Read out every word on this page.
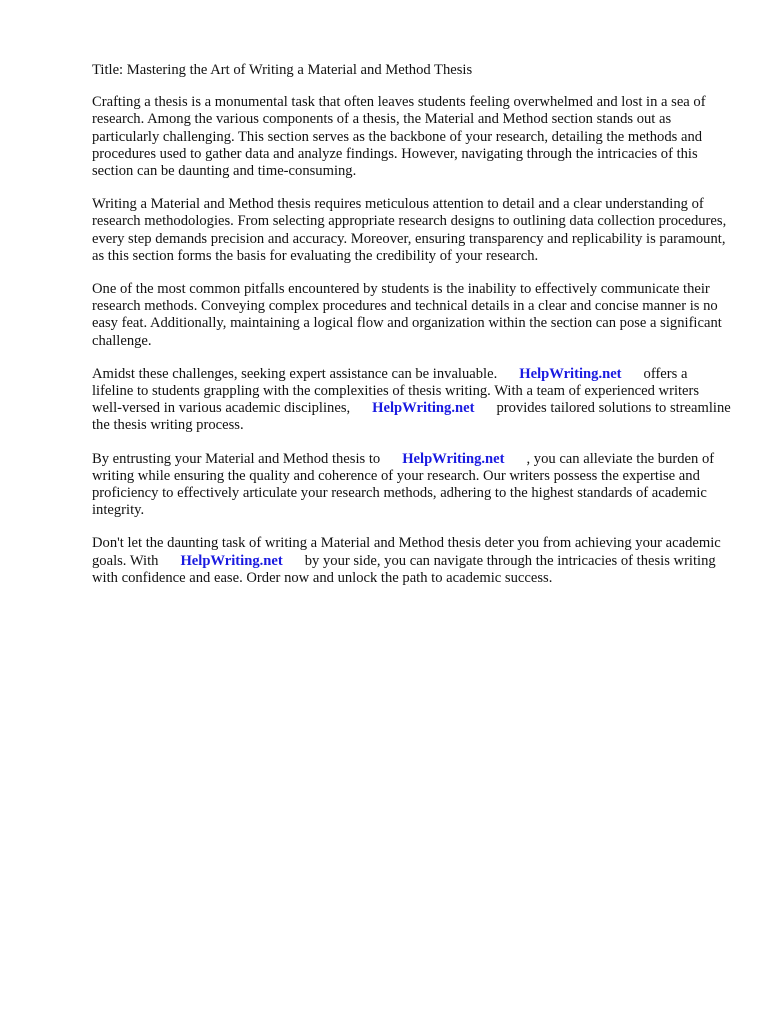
Title: Mastering the Art of Writing a Material and Method Thesis

Crafting a thesis is a monumental task that often leaves students feeling overwhelmed and lost in a sea of research. Among the various components of a thesis, the Material and Method section stands out as particularly challenging. This section serves as the backbone of your research, detailing the methods and procedures used to gather data and analyze findings. However, navigating through the intricacies of this section can be daunting and time-consuming.

Writing a Material and Method thesis requires meticulous attention to detail and a clear understanding of research methodologies. From selecting appropriate research designs to outlining data collection procedures, every step demands precision and accuracy. Moreover, ensuring transparency and replicability is paramount, as this section forms the basis for evaluating the credibility of your research.

One of the most common pitfalls encountered by students is the inability to effectively communicate their research methods. Conveying complex procedures and technical details in a clear and concise manner is no easy feat. Additionally, maintaining a logical flow and organization within the section can pose a significant challenge.

Amidst these challenges, seeking expert assistance can be invaluable. HelpWriting.net offers a lifeline to students grappling with the complexities of thesis writing. With a team of experienced writers well-versed in various academic disciplines, HelpWriting.net provides tailored solutions to streamline the thesis writing process.

By entrusting your Material and Method thesis to HelpWriting.net , you can alleviate the burden of writing while ensuring the quality and coherence of your research. Our writers possess the expertise and proficiency to effectively articulate your research methods, adhering to the highest standards of academic integrity.

Don't let the daunting task of writing a Material and Method thesis deter you from achieving your academic goals. With HelpWriting.net by your side, you can navigate through the intricacies of thesis writing with confidence and ease. Order now and unlock the path to academic success.
